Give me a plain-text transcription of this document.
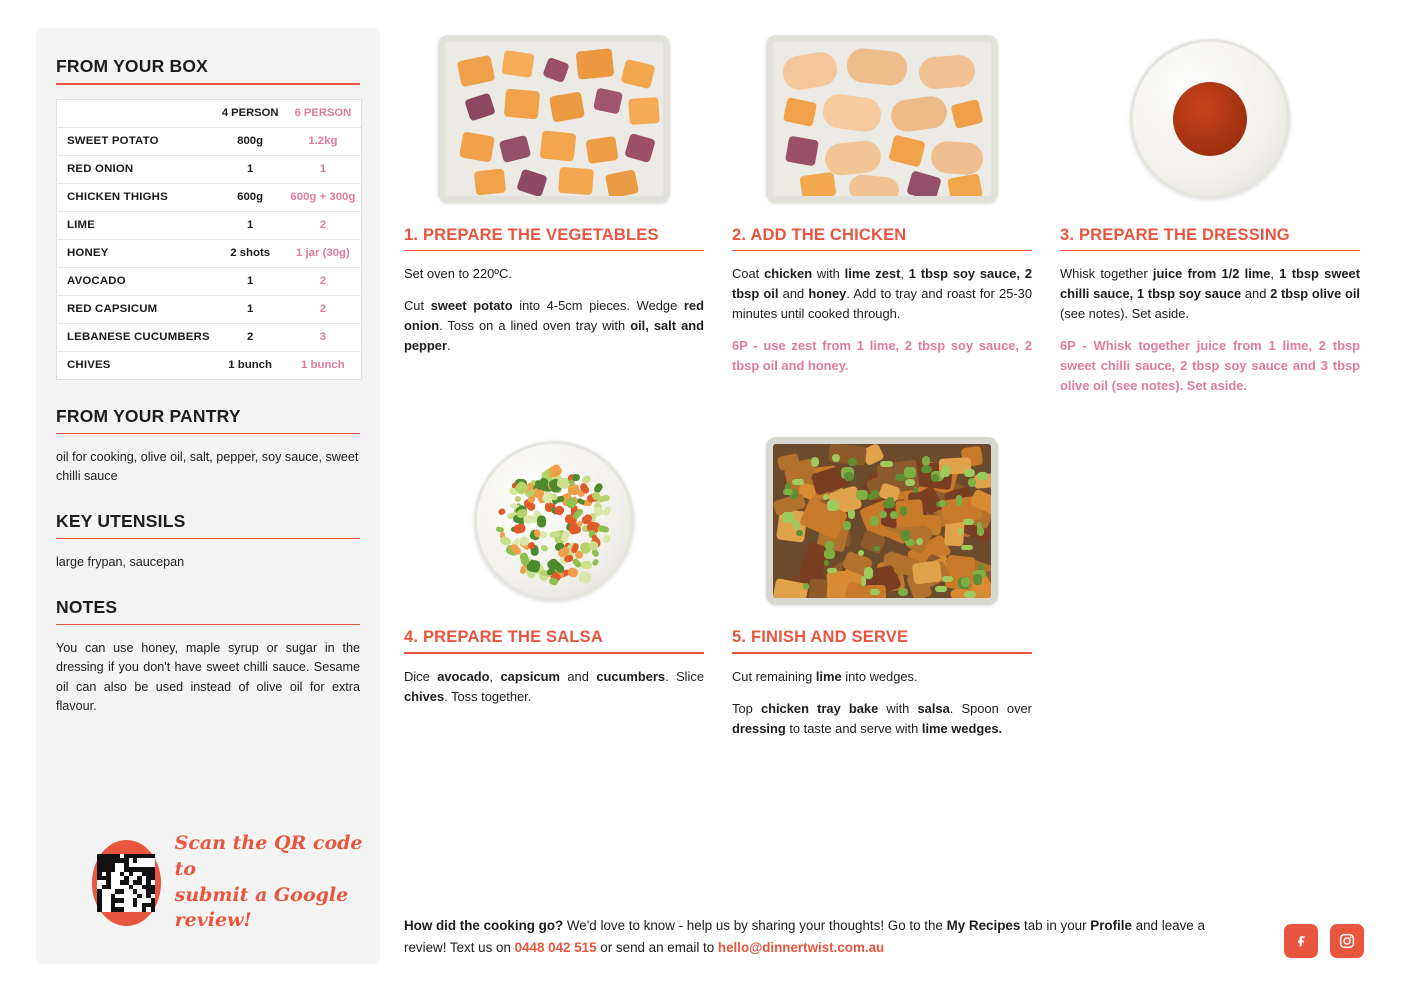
FROM YOUR BOX
	4 PERSON	6 PERSON
SWEET POTATO	800g	1.2kg
RED ONION	1	1
CHICKEN THIGHS	600g	600g + 300g
LIME	1	2
HONEY	2 shots	1 jar (30g)
AVOCADO	1	2
RED CAPSICUM	1	2
LEBANESE CUCUMBERS	2	3
CHIVES	1 bunch	1 bunch
FROM YOUR PANTRY
oil for cooking, olive oil, salt, pepper, soy sauce, sweet chilli sauce
KEY UTENSILS
large frypan, saucepan
NOTES
You can use honey, maple syrup or sugar in the dressing if you don't have sweet chilli sauce. Sesame oil can also be used instead of olive oil for extra flavour.
Scan the QR code to
submit a Google review!
1. PREPARE THE VEGETABLES

Set oven to 220ºC.

Cut sweet potato into 4-5cm pieces. Wedge red onion. Toss on a lined oven tray with oil, salt and pepper.

2. ADD THE CHICKEN

Coat chicken with lime zest, 1 tbsp soy sauce, 2 tbsp oil and honey. Add to tray and roast for 25-30 minutes until cooked through.

6P - use zest from 1 lime, 2 tbsp soy sauce, 2 tbsp oil and honey.

3. PREPARE THE DRESSING

Whisk together juice from 1/2 lime, 1 tbsp sweet chilli sauce, 1 tbsp soy sauce and 2 tbsp olive oil (see notes). Set aside.

6P - Whisk together juice from 1 lime, 2 tbsp sweet chilli sauce, 2 tbsp soy sauce and 3 tbsp olive oil (see notes). Set aside.

4. PREPARE THE SALSA

Dice avocado, capsicum and cucumbers. Slice chives. Toss together.

5. FINISH AND SERVE

Cut remaining lime into wedges.

Top chicken tray bake with salsa. Spoon over dressing to taste and serve with lime wedges.

How did the cooking go? We'd love to know - help us by sharing your thoughts! Go to the My Recipes tab in your Profile and leave a review! Text us on 0448 042 515 or send an email to hello@dinnertwist.com.au
